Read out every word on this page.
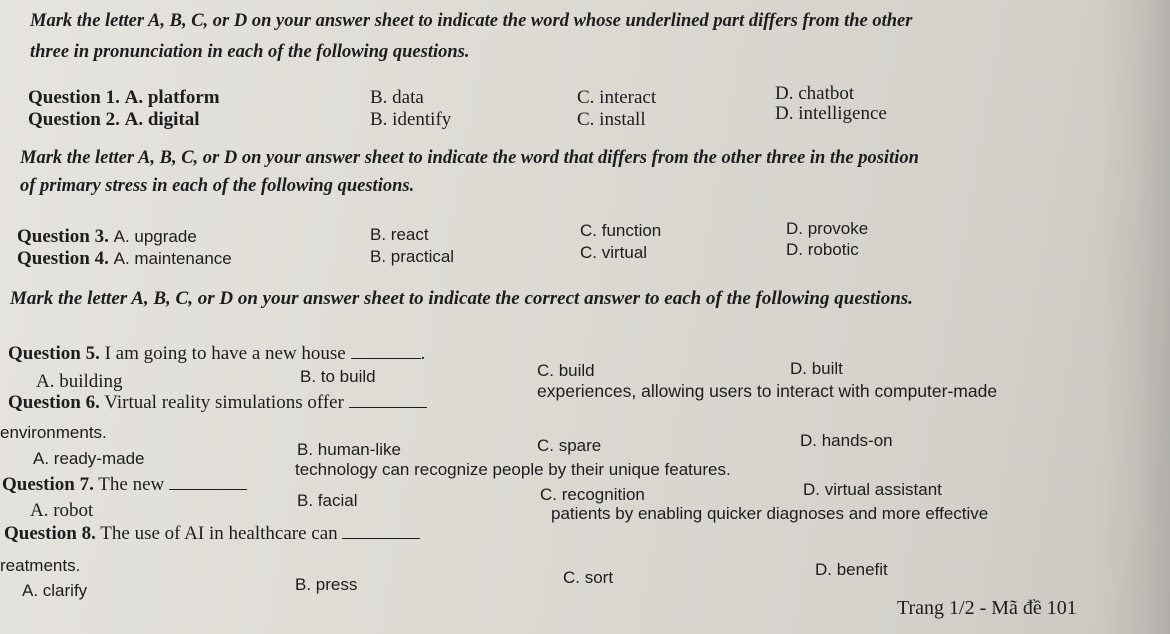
Mark the letter A, B, C, or D on your answer sheet to indicate the word whose underlined part differs from the other
three in pronunciation in each of the following questions.
Question 1. A. platform	B. data	C. interact	D. chatbot
Question 2. A. digital	B. identify	C. install	D. intelligence
Mark the letter A, B, C, or D on your answer sheet to indicate the word that differs from the other three in the position
of primary stress in each of the following questions.
Question 3. A. upgrade	B. react	C. function	D. provoke
Question 4. A. maintenance	B. practical	C. virtual	D. robotic
Mark the letter A, B, C, or D on your answer sheet to indicate the correct answer to each of the following questions.
Question 5. I am going to have a new house	.
A. building	B. to build	C. build	D. built
Question 6. Virtual reality simulations offer
experiences, allowing users to interact with computer-made
environments.
A. ready-made	B. human-like	C. spare	D. hands-on
Question 7. The new
technology can recognize people by their unique features.
A. robot	B. facial	C. recognition	D. virtual assistant
Question 8. The use of AI in healthcare can
patients by enabling quicker diagnoses and more effective
reatments.
A. clarify	B. press	C. sort	D. benefit
Trang 1/2 - Mã đề 101
